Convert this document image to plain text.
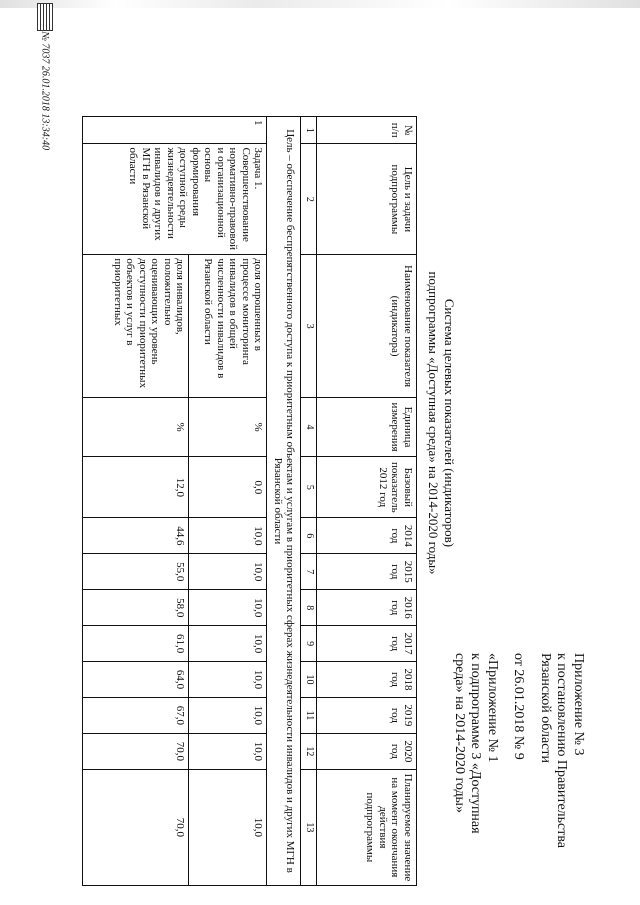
Приложение № 3
к постановлению Правительства
Рязанской области
от 26.01.2018 № 9
«Приложение № 1
к подпрограмме 3 «Доступная
среда» на 2014-2020 годы»
Система целевых показателей (индикаторов)
подпрограммы «Доступная среда» на 2014-2020 годы»
№ п/п	Цель и задачи подпрограммы	Наименование показателя (индикатора)	Единица измерения	Базовый показатель 2012 год	2014 год	2015 год	2016 год	2017 год	2018 год	2019 год	2020 год	Планируемое значение на момент окончания действия подпрограммы
1	2	3	4	5	6	7	8	9	10	11	12	13
Цель – обеспечение беспрепятственного доступа к приоритетным объектам и услугам в приоритетных сферах жизнедеятельности инвалидов и других МГН в Рязанской области												
1	Задача 1. Совершенствование нормативно-правовой и организационной основы формирования доступной среды жизнедеятельности инвалидов и других МГН в Рязанской области	доля опрошенных в процессе мониторинга инвалидов в общей численности инвалидов в Рязанской области	%	0,0	10,0	10,0	10,0	10,0	10,0	10,0	10,0	10,0
		доля инвалидов, положительно оценивающих уровень доступности приоритетных объектов и услуг в приоритетных	%	12,0	44,6	55,0	58,0	61,0	64,0	67,0	70,0	70,0
№ 7037 26.01.2018 13:34:40
